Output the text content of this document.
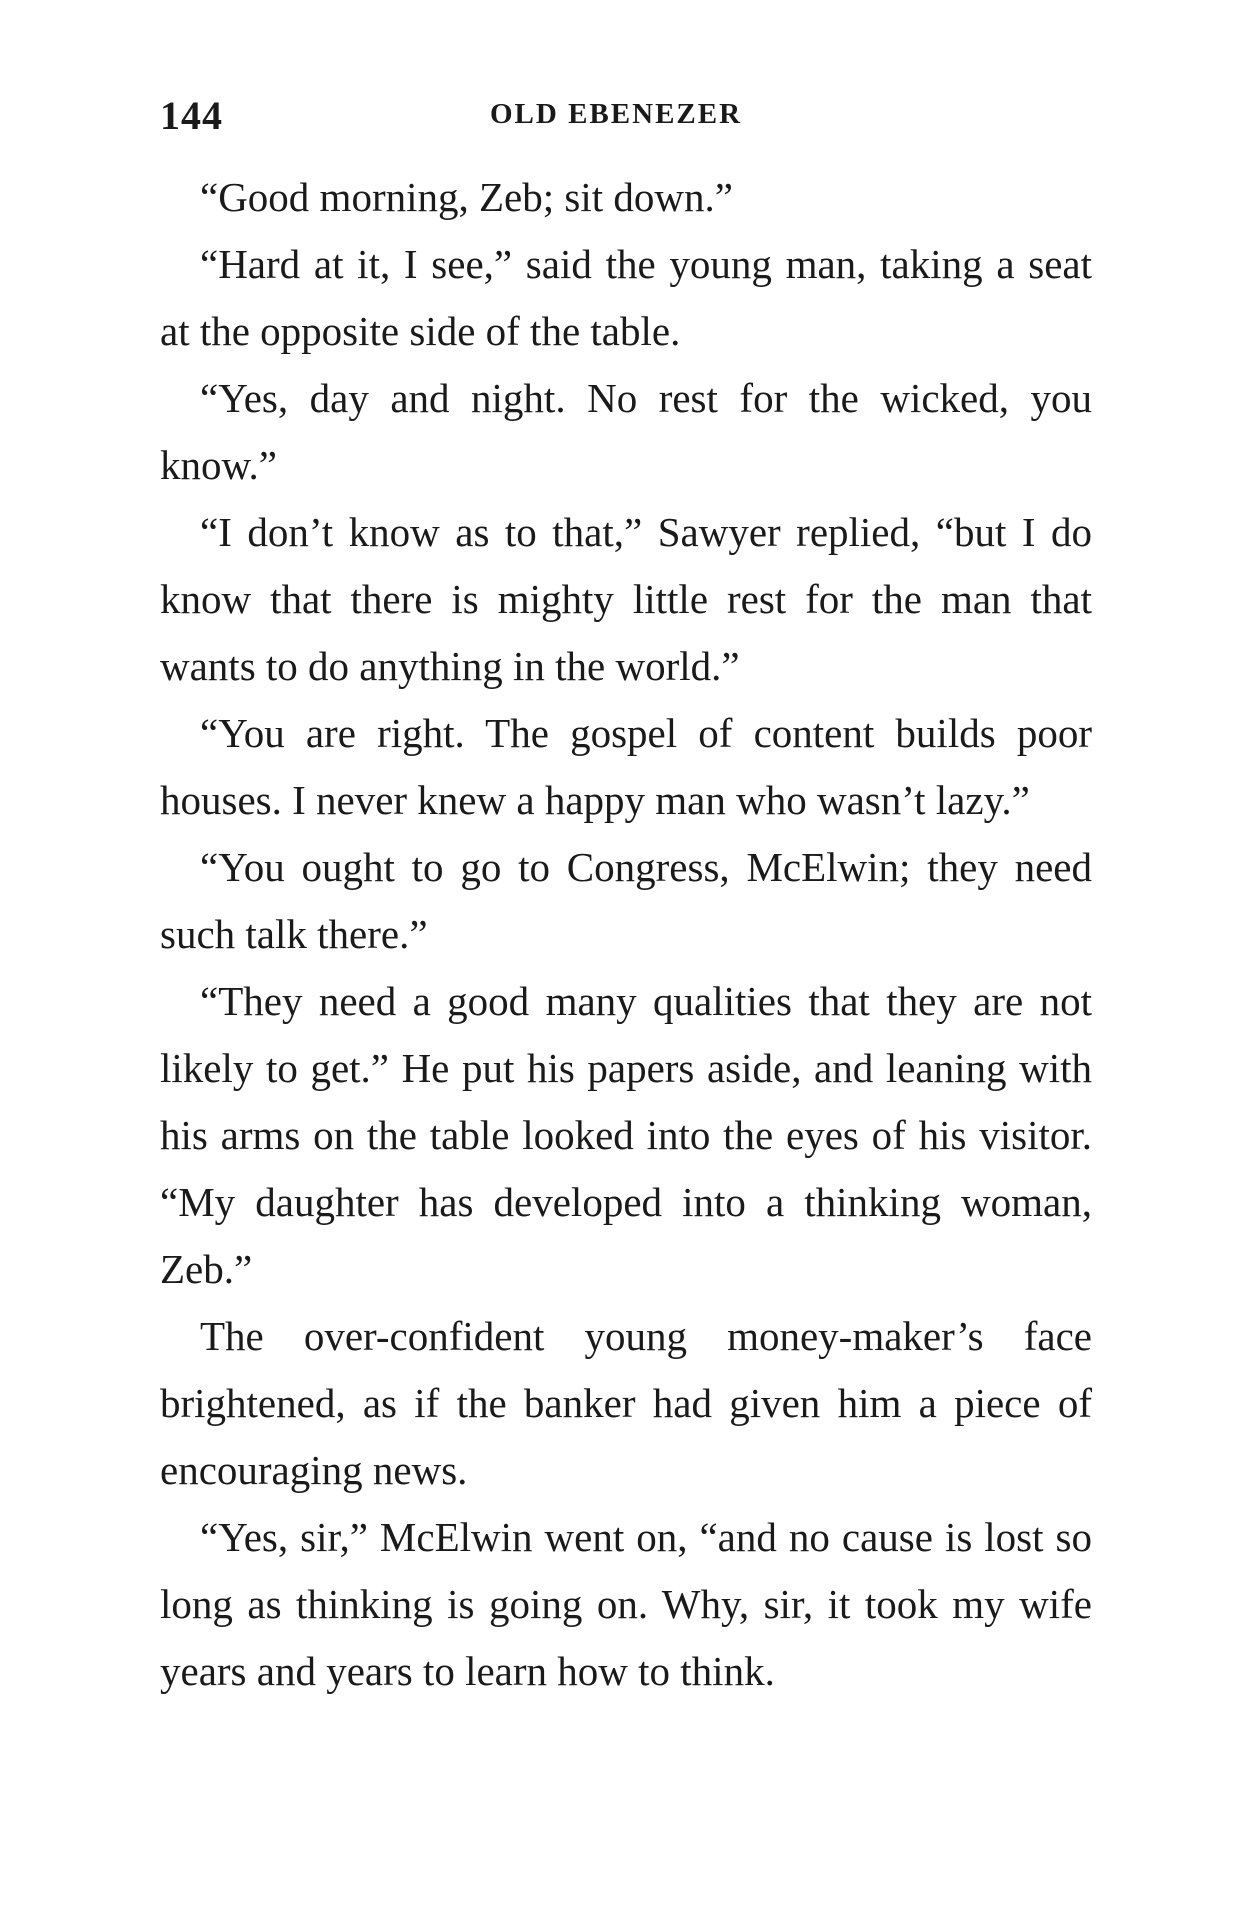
144	OLD EBENEZER

“Good morning, Zeb; sit down.”

“Hard at it, I see,” said the young man, taking a seat at the opposite side of the table.

“Yes, day and night. No rest for the wicked, you know.”

“I don’t know as to that,” Sawyer replied, “but I do know that there is mighty little rest for the man that wants to do anything in the world.”

“You are right. The gospel of content builds poor houses. I never knew a happy man who wasn’t lazy.”

“You ought to go to Congress, McElwin; they need such talk there.”

“They need a good many qualities that they are not likely to get.” He put his papers aside, and leaning with his arms on the table looked into the eyes of his visitor. “My daughter has developed into a thinking woman, Zeb.”

The over-confident young money-maker’s face brightened, as if the banker had given him a piece of encouraging news.

“Yes, sir,” McElwin went on, “and no cause is lost so long as thinking is going on. Why, sir, it took my wife years and years to learn how to think.
